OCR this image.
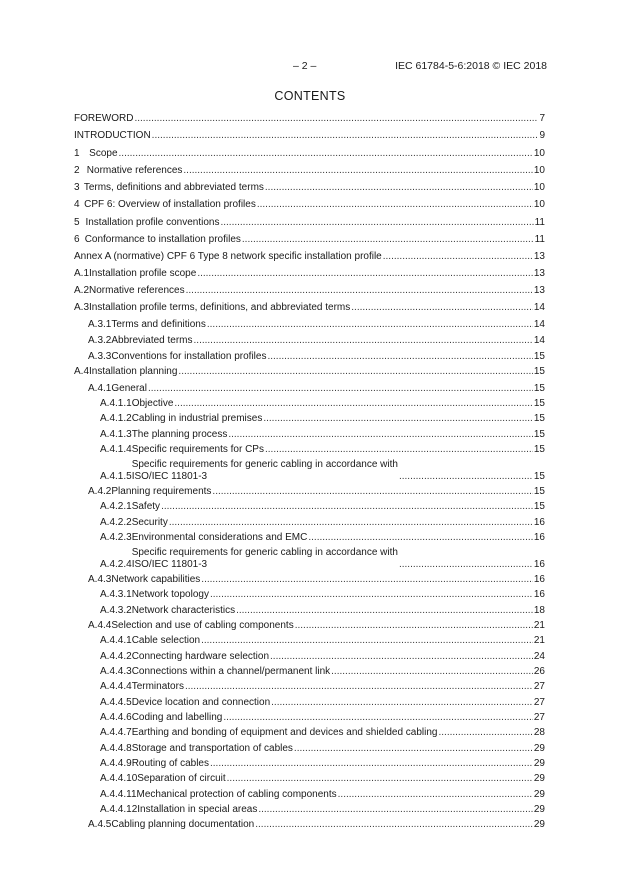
– 2 –	IEC 61784-5-6:2018 © IEC 2018
CONTENTS
FOREWORD .....	7
INTRODUCTION .....	9
1 Scope .....	10
2 Normative references .....	10
3 Terms, definitions and abbreviated terms .....	10
4 CPF 6: Overview of installation profiles .....	10
5 Installation profile conventions .....	11
6 Conformance to installation profiles .....	11
Annex A (normative) CPF 6 Type 8 network specific installation profile .....	13
A.1 Installation profile scope .....	13
A.2 Normative references .....	13
A.3 Installation profile terms, definitions, and abbreviated terms .....	14
A.3.1 Terms and definitions .....	14
A.3.2 Abbreviated terms .....	14
A.3.3 Conventions for installation profiles .....	15
A.4 Installation planning .....	15
A.4.1 General .....	15
A.4.1.1 Objective .....	15
A.4.1.2 Cabling in industrial premises .....	15
A.4.1.3 The planning process .....	15
A.4.1.4 Specific requirements for CPs .....	15
A.4.1.5
Specific requirements for generic cabling in accordance with
ISO/IEC 11801-3 .....	15
A.4.2 Planning requirements .....	15
A.4.2.1 Safety .....	15
A.4.2.2 Security .....	16
A.4.2.3 Environmental considerations and EMC .....	16
A.4.2.4
Specific requirements for generic cabling in accordance with
ISO/IEC 11801-3 .....	16
A.4.3 Network capabilities .....	16
A.4.3.1 Network topology .....	16
A.4.3.2 Network characteristics .....	18
A.4.4 Selection and use of cabling components .....	21
A.4.4.1 Cable selection .....	21
A.4.4.2 Connecting hardware selection .....	24
A.4.4.3 Connections within a channel/permanent link .....	26
A.4.4.4 Terminators .....	27
A.4.4.5 Device location and connection .....	27
A.4.4.6 Coding and labelling .....	27
A.4.4.7 Earthing and bonding of equipment and devices and shielded cabling .....	28
A.4.4.8 Storage and transportation of cables .....	29
A.4.4.9 Routing of cables .....	29
A.4.4.10 Separation of circuit .....	29
A.4.4.11 Mechanical protection of cabling components .....	29
A.4.4.12 Installation in special areas .....	29
A.4.5 Cabling planning documentation .....	29
